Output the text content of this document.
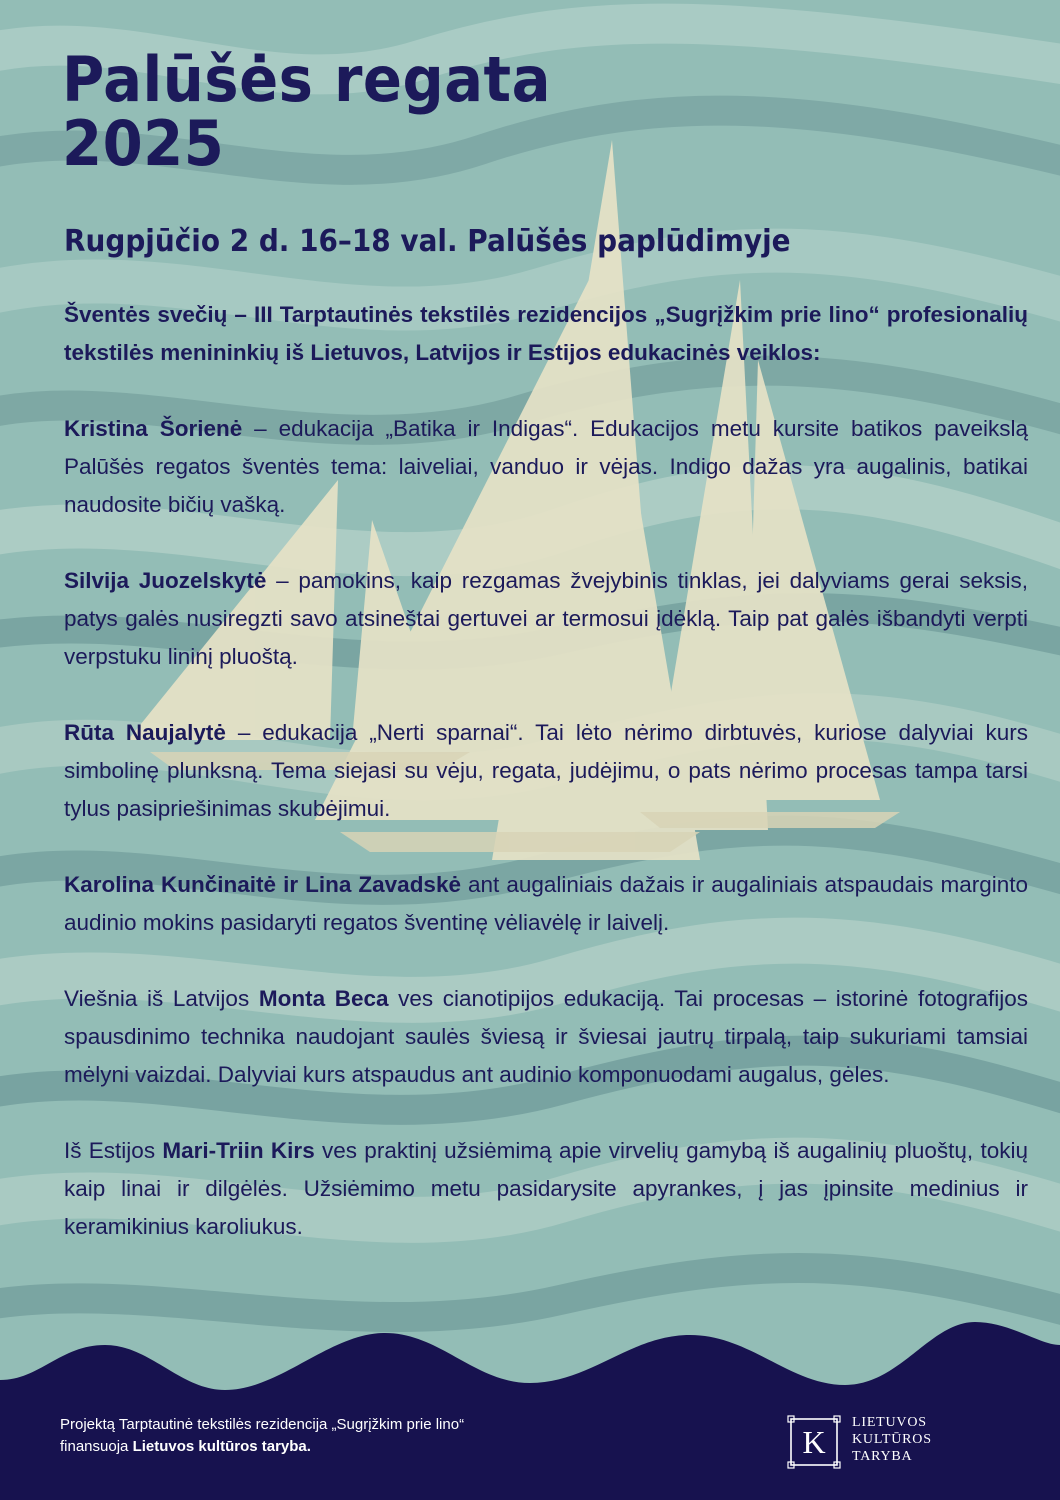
Palūšės regata
2025
Rugpjūčio 2 d. 16–18 val. Palūšės paplūdimyje

Šventės svečių – III Tarptautinės tekstilės rezidencijos „Sugrįžkim prie lino“ profesionalių tekstilės menininkių iš Lietuvos, Latvijos ir Estijos edukacinės veiklos:

Kristina Šorienė – edukacija „Batika ir Indigas“. Edukacijos metu kursite batikos paveikslą Palūšės regatos šventės tema: laiveliai, vanduo ir vėjas. Indigo dažas yra augalinis, batikai naudosite bičių vašką.

Silvija Juozelskytė – pamokins, kaip rezgamas žvejybinis tinklas, jei dalyviams gerai seksis, patys galės nusiregzti savo atsineštai gertuvei ar termosui įdėklą. Taip pat galės išbandyti verpti verpstuku lininį pluoštą.

Rūta Naujalytė – edukacija „Nerti sparnai“. Tai lėto nėrimo dirbtuvės, kuriose dalyviai kurs simbolinę plunksną. Tema siejasi su vėju, regata, judėjimu, o pats nėrimo procesas tampa tarsi tylus pasipriešinimas skubėjimui.

Karolina Kunčinaitė ir Lina Zavadskė ant augaliniais dažais ir augaliniais atspaudais marginto audinio mokins pasidaryti regatos šventinę vėliavėlę ir laivelį.

Viešnia iš Latvijos Monta Beca ves cianotipijos edukaciją. Tai procesas – istorinė fotografijos spausdinimo technika naudojant saulės šviesą ir šviesai jautrų tirpalą, taip sukuriami tamsiai mėlyni vaizdai. Dalyviai kurs atspaudus ant audinio komponuodami augalus, gėles.

Iš Estijos Mari-Triin Kirs ves praktinį užsiėmimą apie virvelių gamybą iš augalinių pluoštų, tokių kaip linai ir dilgėlės. Užsiėmimo metu pasidarysite apyrankes, į jas įpinsite medinius ir keramikinius karoliukus.

Projektą Tarptautinė tekstilės rezidencija „Sugrįžkim prie lino“
finansuoja Lietuvos kultūros taryba.	K
LIETUVOS
KULTŪROS
TARYBA
